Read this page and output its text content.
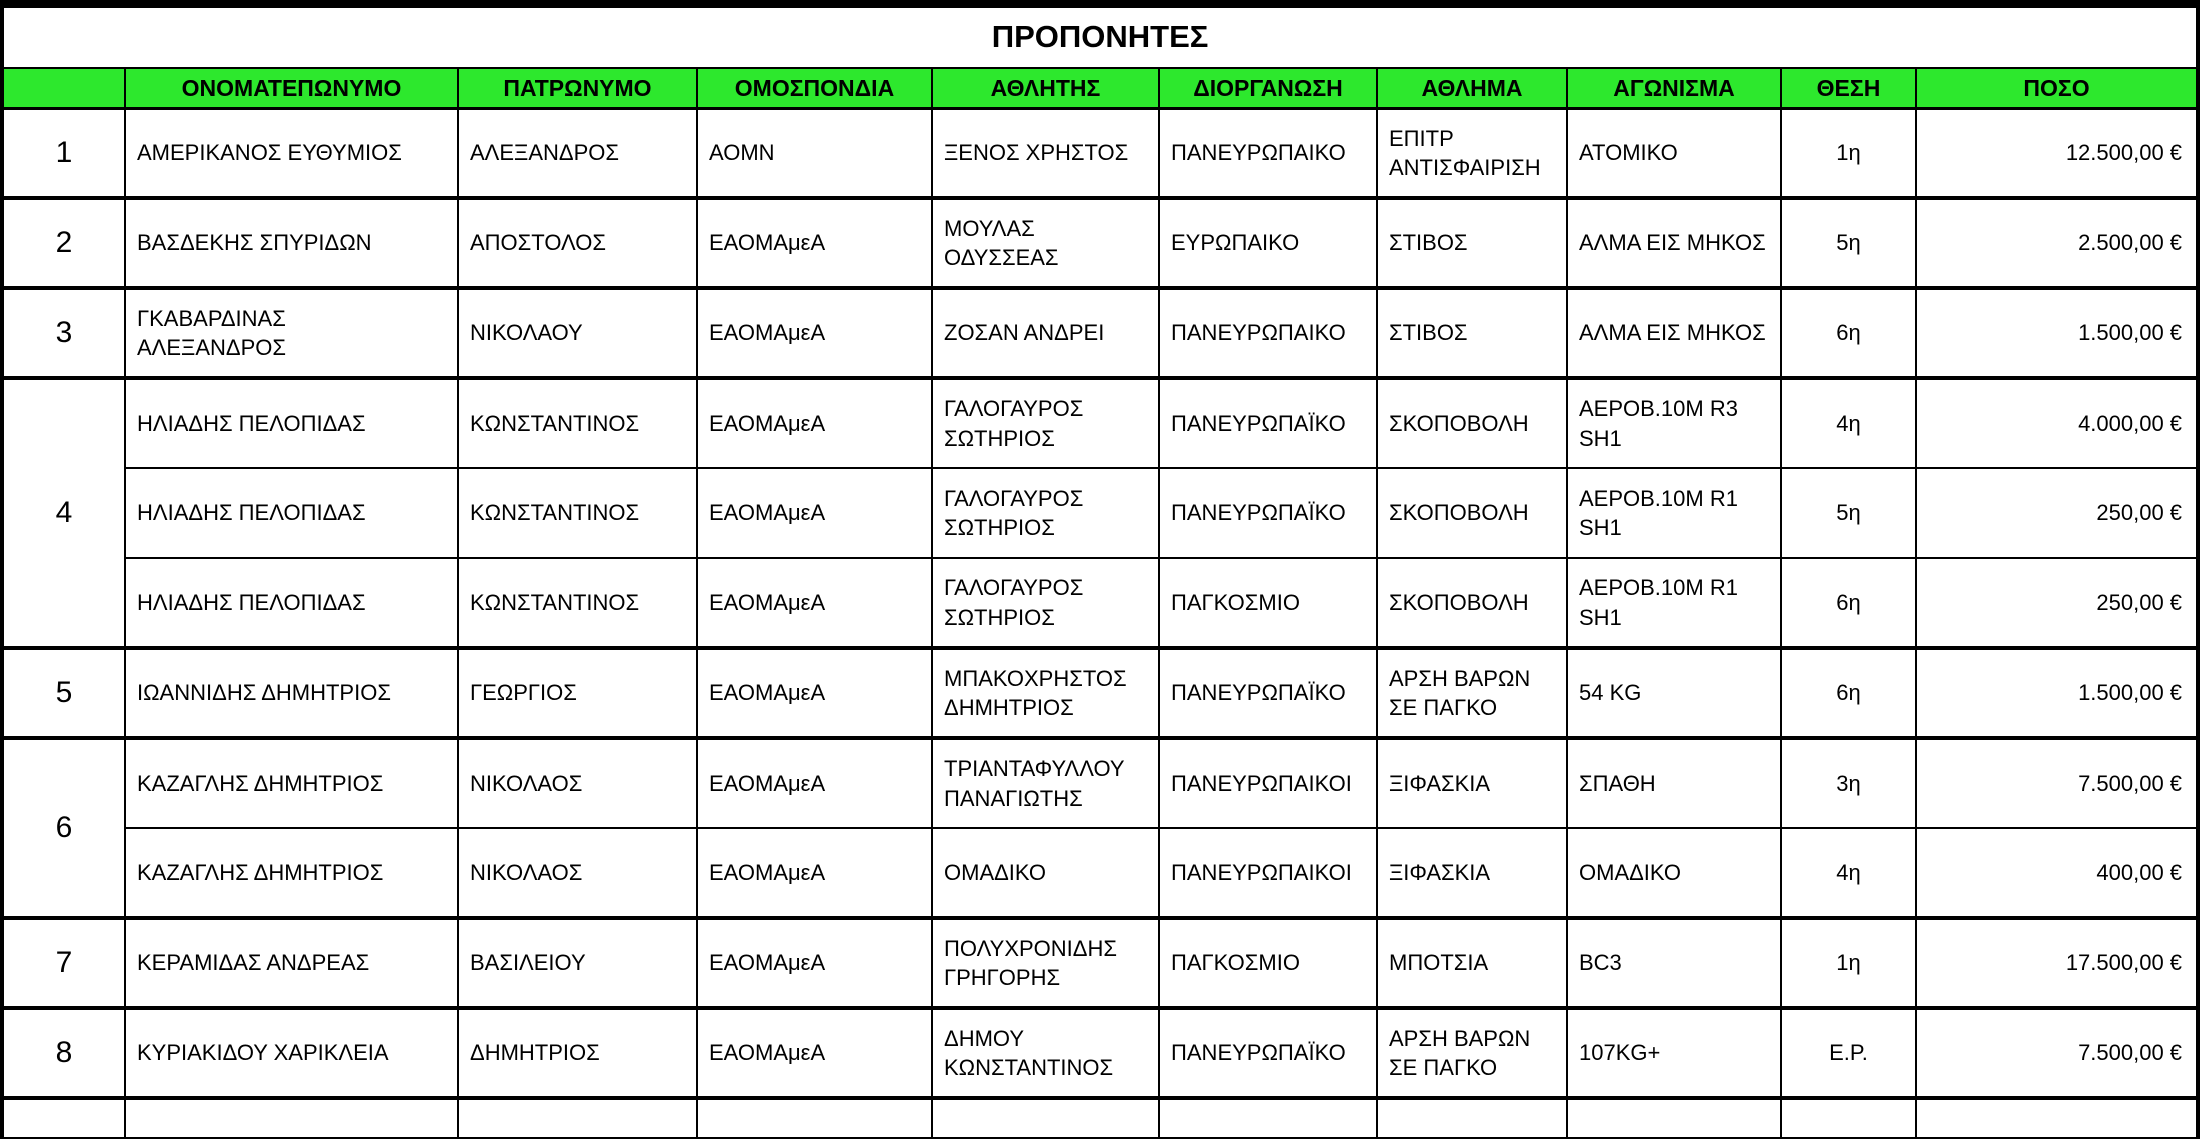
ΠΡΟΠΟΝΗΤΕΣ									
	ΟΝΟΜΑΤΕΠΩΝΥΜΟ	ΠΑΤΡΩΝΥΜΟ	ΟΜΟΣΠΟΝΔΙΑ	ΑΘΛΗΤΗΣ	ΔΙΟΡΓΑΝΩΣΗ	ΑΘΛΗΜΑ	ΑΓΩΝΙΣΜΑ	ΘΕΣΗ	ΠΟΣΟ
1	ΑΜΕΡΙΚΑΝΟΣ ΕΥΘΥΜΙΟΣ	ΑΛΕΞΑΝΔΡΟΣ	ΑΟΜΝ	ΞΕΝΟΣ ΧΡΗΣΤΟΣ	ΠΑΝΕΥΡΩΠΑΙΚΟ	ΕΠΙΤΡ ΑΝΤΙΣΦΑΙΡΙΣΗ	ΑΤΟΜΙΚΟ	1η	12.500,00 €
2	ΒΑΣΔΕΚΗΣ ΣΠΥΡΙΔΩΝ	ΑΠΟΣΤΟΛΟΣ	ΕΑΟΜΑμεΑ	ΜΟΥΛΑΣ ΟΔΥΣΣΕΑΣ	ΕΥΡΩΠΑΙΚΟ	ΣΤΙΒΟΣ	ΑΛΜΑ ΕΙΣ ΜΗΚΟΣ	5η	2.500,00 €
3	ΓΚΑΒΑΡΔΙΝΑΣ ΑΛΕΞΑΝΔΡΟΣ	ΝΙΚΟΛΑΟΥ	ΕΑΟΜΑμεΑ	ΖΟΣΑΝ ΑΝΔΡΕΙ	ΠΑΝΕΥΡΩΠΑΙΚΟ	ΣΤΙΒΟΣ	ΑΛΜΑ ΕΙΣ ΜΗΚΟΣ	6η	1.500,00 €
4	ΗΛΙΑΔΗΣ ΠΕΛΟΠΙΔΑΣ	ΚΩΝΣΤΑΝΤΙΝΟΣ	ΕΑΟΜΑμεΑ	ΓΑΛΟΓΑΥΡΟΣ ΣΩΤΗΡΙΟΣ	ΠΑΝΕΥΡΩΠΑΪΚΟ	ΣΚΟΠΟΒΟΛΗ	ΑΕΡΟΒ.10M R3 SH1	4η	4.000,00 €
	ΗΛΙΑΔΗΣ ΠΕΛΟΠΙΔΑΣ	ΚΩΝΣΤΑΝΤΙΝΟΣ	ΕΑΟΜΑμεΑ	ΓΑΛΟΓΑΥΡΟΣ ΣΩΤΗΡΙΟΣ	ΠΑΝΕΥΡΩΠΑΪΚΟ	ΣΚΟΠΟΒΟΛΗ	ΑΕΡΟΒ.10M R1 SH1	5η	250,00 €
	ΗΛΙΑΔΗΣ ΠΕΛΟΠΙΔΑΣ	ΚΩΝΣΤΑΝΤΙΝΟΣ	ΕΑΟΜΑμεΑ	ΓΑΛΟΓΑΥΡΟΣ ΣΩΤΗΡΙΟΣ	ΠΑΓΚΟΣΜΙΟ	ΣΚΟΠΟΒΟΛΗ	ΑΕΡΟΒ.10M R1 SH1	6η	250,00 €
5	ΙΩΑΝΝΙΔΗΣ ΔΗΜΗΤΡΙΟΣ	ΓΕΩΡΓΙΟΣ	ΕΑΟΜΑμεΑ	ΜΠΑΚΟΧΡΗΣΤΟΣ ΔΗΜΗΤΡΙΟΣ	ΠΑΝΕΥΡΩΠΑΪΚΟ	ΑΡΣΗ ΒΑΡΩΝ ΣΕ ΠΑΓΚΟ	54 KG	6η	1.500,00 €
6	ΚΑΖΑΓΛΗΣ ΔΗΜΗΤΡΙΟΣ	ΝΙΚΟΛΑΟΣ	ΕΑΟΜΑμεΑ	ΤΡΙΑΝΤΑΦΥΛΛΟΥ ΠΑΝΑΓΙΩΤΗΣ	ΠΑΝΕΥΡΩΠΑΙΚΟΙ	ΞΙΦΑΣΚΙΑ	ΣΠΑΘΗ	3η	7.500,00 €
	ΚΑΖΑΓΛΗΣ ΔΗΜΗΤΡΙΟΣ	ΝΙΚΟΛΑΟΣ	ΕΑΟΜΑμεΑ	ΟΜΑΔΙΚΟ	ΠΑΝΕΥΡΩΠΑΙΚΟΙ	ΞΙΦΑΣΚΙΑ	ΟΜΑΔΙΚΟ	4η	400,00 €
7	ΚΕΡΑΜΙΔΑΣ ΑΝΔΡΕΑΣ	ΒΑΣΙΛΕΙΟΥ	ΕΑΟΜΑμεΑ	ΠΟΛΥΧΡΟΝΙΔΗΣ ΓΡΗΓΟΡΗΣ	ΠΑΓΚΟΣΜΙΟ	ΜΠΟΤΣΙΑ	BC3	1η	17.500,00 €
8	ΚΥΡΙΑΚΙΔΟΥ ΧΑΡΙΚΛΕΙΑ	ΔΗΜΗΤΡΙΟΣ	ΕΑΟΜΑμεΑ	ΔΗΜΟΥ ΚΩΝΣΤΑΝΤΙΝΟΣ	ΠΑΝΕΥΡΩΠΑΪΚΟ	ΑΡΣΗ ΒΑΡΩΝ ΣΕ ΠΑΓΚΟ	107KG+	Ε.Ρ.	7.500,00 €
